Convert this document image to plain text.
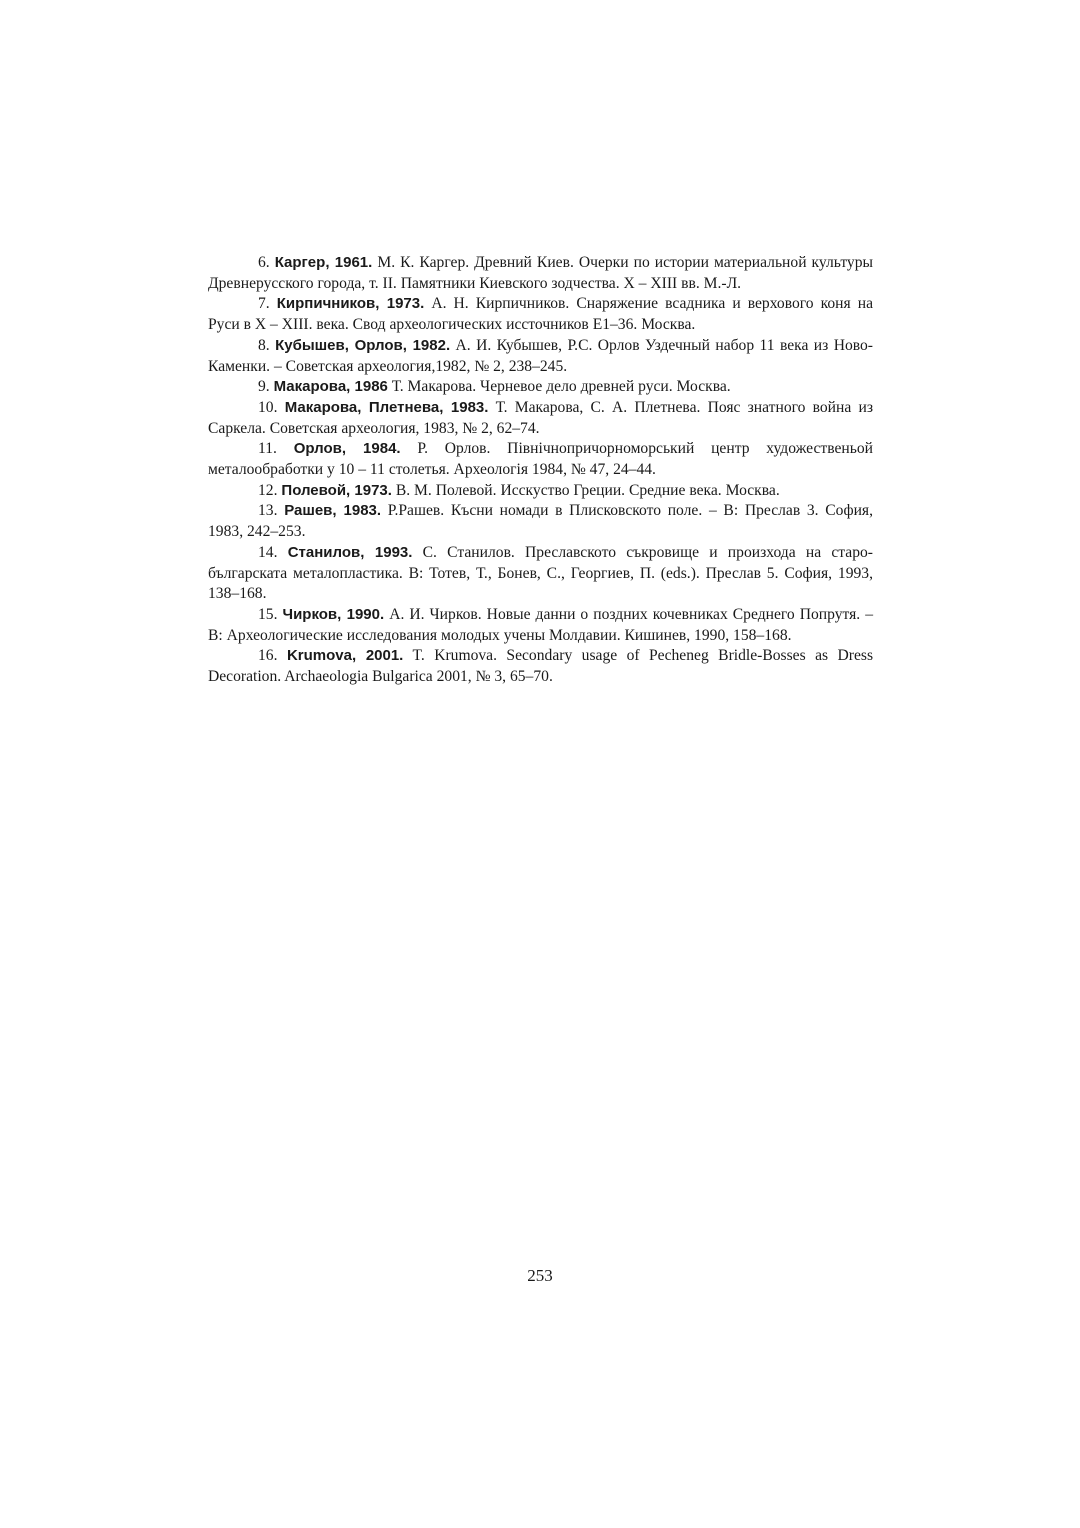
6. Каргер, 1961. М. К. Каргер. Древний Киев. Очерки по истории материальной культуры Древнерусского города, т. II. Памятники Киевского зодчества. X – XIII вв. М.-Л.

7. Кирпичников, 1973. А. Н. Кирпичников. Снаряжение всадника и верхового коня на Руси в X – XIII. века. Свод археологических исcточников Е1–36. Москва.

8. Кубышев, Орлов, 1982. А. И. Кубышев, Р.С. Орлов Уздечный набор 11 века из Ново-Каменки. – Советская археология,1982, № 2, 238–245.

9. Макарова, 1986 Т. Макарова. Черневое дело древней руси. Москва.

10. Макарова, Плетнева, 1983. Т. Макарова, С. А. Плетнева. Пояс знатного война из Саркела. Советская археология, 1983, № 2, 62–74.

11. Орлов, 1984. Р. Орлов. Північнопричорноморський центр художественьой металообработки у 10 – 11 столетья. Археологія 1984, № 47, 24–44.

12. Полевой, 1973. В. М. Полевой. Исскуство Греции. Средние века. Москва.

13. Рашев, 1983. Р.Рашев. Късни номади в Плисковското поле. – В: Преслав 3. София, 1983, 242–253.

14. Станилов, 1993. С. Станилов. Преславското съкровище и произхода на старо-българската металопластика. В: Тотев, Т., Бонев, С., Георгиев, П. (eds.). Преслав 5. София, 1993, 138–168.

15. Чирков, 1990. А. И. Чирков. Новые данни о поздних кочевниках Среднего Попрутя. – В: Археологические исследования молодых учены Молдавии. Кишинев, 1990, 158–168.

16. Krumova, 2001. T. Krumova. Secondary usage of Pecheneg Bridle-Bosses as Dress Decoration. Archaeologia Bulgarica 2001, № 3, 65–70.

253
